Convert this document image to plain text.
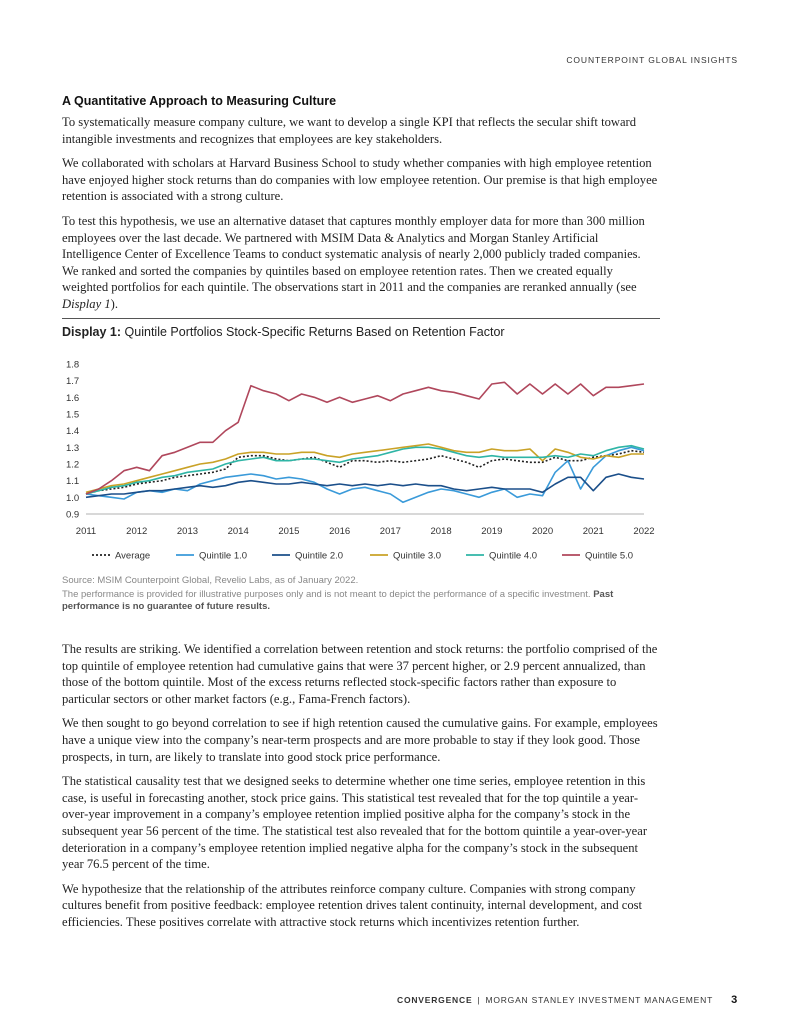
COUNTERPOINT GLOBAL INSIGHTS
A Quantitative Approach to Measuring Culture

To systematically measure company culture, we want to develop a single KPI that reflects the secular shift toward intangible investments and recognizes that employees are key stakeholders.

We collaborated with scholars at Harvard Business School to study whether companies with high employee retention have enjoyed higher stock returns than do companies with low employee retention. Our premise is that high employee retention is associated with a strong culture.

To test this hypothesis, we use an alternative dataset that captures monthly employer data for more than 300 million employees over the last decade. We partnered with MSIM Data & Analytics and Morgan Stanley Artificial Intelligence Center of Excellence Teams to conduct systematic analysis of nearly 2,000 publicly traded companies. We ranked and sorted the companies by quintiles based on employee retention rates. Then we created equally weighted portfolios for each quintile. The observations start in 2011 and the companies are reranked annually (see Display 1).

Display 1: Quintile Portfolios Stock-Specific Returns Based on Retention Factor
0.9
1.0
1.1
1.2
1.3
1.4
1.5
1.6
1.7
1.8
2011	2012	2013	2014	2015	2016	2017	2018	2019	2020	2021	2022
Average	Quintile 1.0	Quintile 2.0	Quintile 3.0	Quintile 4.0	Quintile 5.0

Source: MSIM Counterpoint Global, Revelio Labs, as of January 2022.

The performance is provided for illustrative purposes only and is not meant to depict the performance of a specific investment. Past performance is no guarantee of future results.

The results are striking. We identified a correlation between retention and stock returns: the portfolio comprised of the top quintile of employee retention had cumulative gains that were 37 percent higher, or 2.9 percent annualized, than those of the bottom quintile. Most of the excess returns reflected stock-specific factors rather than exposure to particular sectors or other market factors (e.g., Fama-French factors).

We then sought to go beyond correlation to see if high retention caused the cumulative gains. For example, employees have a unique view into the company’s near-term prospects and are more probable to stay if they look good. Those prospects, in turn, are likely to translate into good stock price performance.

The statistical causality test that we designed seeks to determine whether one time series, employee retention in this case, is useful in forecasting another, stock price gains. This statistical test revealed that for the top quintile a year-over-year improvement in a company’s employee retention implied positive alpha for the company’s stock in the subsequent year 56 percent of the time. The statistical test also revealed that for the bottom quintile a year-over-year deterioration in a company’s employee retention implied negative alpha for the company’s stock in the subsequent year 76.5 percent of the time.

We hypothesize that the relationship of the attributes reinforce company culture. Companies with strong company cultures benefit from positive feedback: employee retention drives talent continuity, internal development, and cost efficiencies. These positives correlate with attractive stock returns which incentivizes retention further.

CONVERGENCE | MORGAN STANLEY INVESTMENT MANAGEMENT 3
